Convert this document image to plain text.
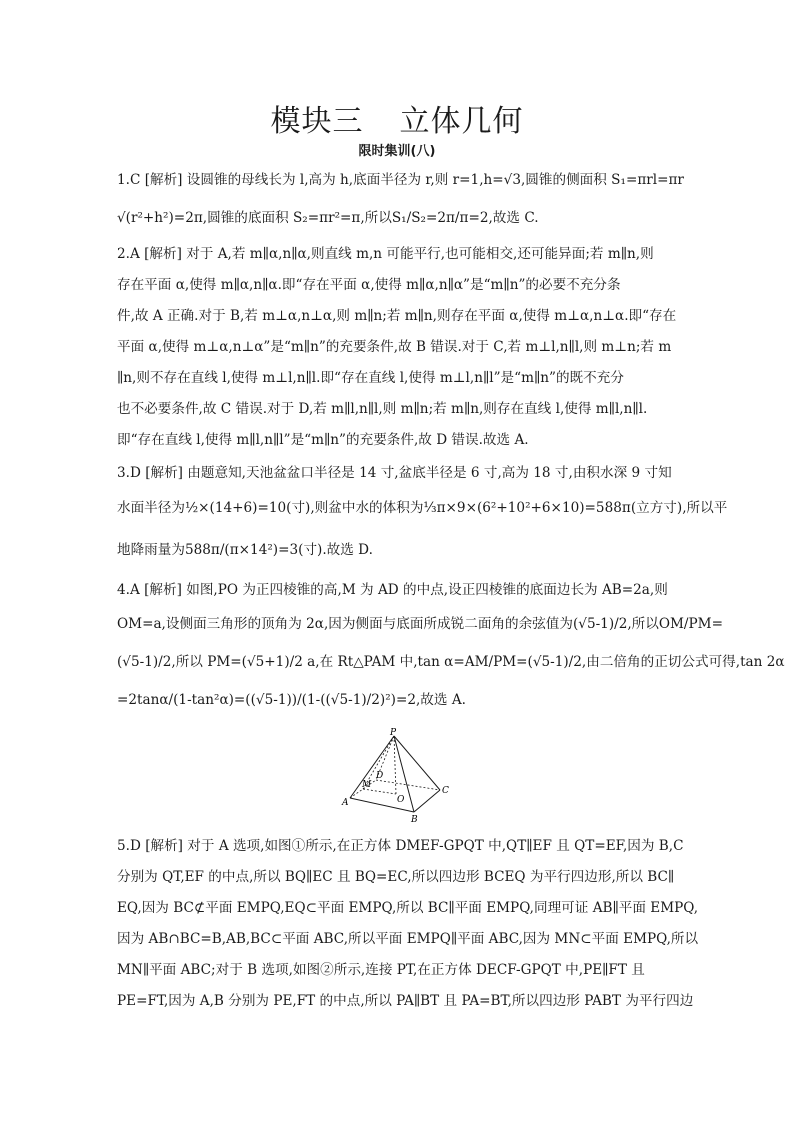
模块三 立体几何
限时集训(八)
1.C [解析] 设圆锥的母线长为 l,高为 h,底面半径为 r,则 r=1,h=√3,圆锥的侧面积 S₁=πrl=πr
√(r²+h²)=2π,圆锥的底面积 S₂=πr²=π,所以S₁/S₂=2π/π=2,故选 C.
2.A [解析] 对于 A,若 m∥α,n∥α,则直线 m,n 可能平行,也可能相交,还可能异面;若 m∥n,则
存在平面 α,使得 m∥α,n∥α.即“存在平面 α,使得 m∥α,n∥α”是“m∥n”的必要不充分条
件,故 A 正确.对于 B,若 m⊥α,n⊥α,则 m∥n;若 m∥n,则存在平面 α,使得 m⊥α,n⊥α.即“存在
平面 α,使得 m⊥α,n⊥α”是“m∥n”的充要条件,故 B 错误.对于 C,若 m⊥l,n∥l,则 m⊥n;若 m
∥n,则不存在直线 l,使得 m⊥l,n∥l.即“存在直线 l,使得 m⊥l,n∥l”是“m∥n”的既不充分
也不必要条件,故 C 错误.对于 D,若 m∥l,n∥l,则 m∥n;若 m∥n,则存在直线 l,使得 m∥l,n∥l.
即“存在直线 l,使得 m∥l,n∥l”是“m∥n”的充要条件,故 D 错误.故选 A.
3.D [解析] 由题意知,天池盆盆口半径是 14 寸,盆底半径是 6 寸,高为 18 寸,由积水深 9 寸知
水面半径为½×(14+6)=10(寸),则盆中水的体积为⅓π×9×(6²+10²+6×10)=588π(立方寸),所以平
地降雨量为588π/(π×14²)=3(寸).故选 D.
4.A [解析] 如图,PO 为正四棱锥的高,M 为 AD 的中点,设正四棱锥的底面边长为 AB=2a,则
OM=a,设侧面三角形的顶角为 2α,因为侧面与底面所成锐二面角的余弦值为(√5-1)/2,所以OM/PM=
(√5-1)/2,所以 PM=(√5+1)/2 a,在 Rt△PAM 中,tan α=AM/PM=(√5-1)/2,由二倍角的正切公式可得,tan 2α
=2tanα/(1-tan²α)=((√5-1))/(1-((√5-1)/2)²)=2,故选 A.
P
D
M
O
A
B
C
5.D [解析] 对于 A 选项,如图①所示,在正方体 DMEF-GPQT 中,QT∥EF 且 QT=EF,因为 B,C
分别为 QT,EF 的中点,所以 BQ∥EC 且 BQ=EC,所以四边形 BCEQ 为平行四边形,所以 BC∥
EQ,因为 BC⊄平面 EMPQ,EQ⊂平面 EMPQ,所以 BC∥平面 EMPQ,同理可证 AB∥平面 EMPQ,
因为 AB∩BC=B,AB,BC⊂平面 ABC,所以平面 EMPQ∥平面 ABC,因为 MN⊂平面 EMPQ,所以
MN∥平面 ABC;对于 B 选项,如图②所示,连接 PT,在正方体 DECF-GPQT 中,PE∥FT 且
PE=FT,因为 A,B 分别为 PE,FT 的中点,所以 PA∥BT 且 PA=BT,所以四边形 PABT 为平行四边
